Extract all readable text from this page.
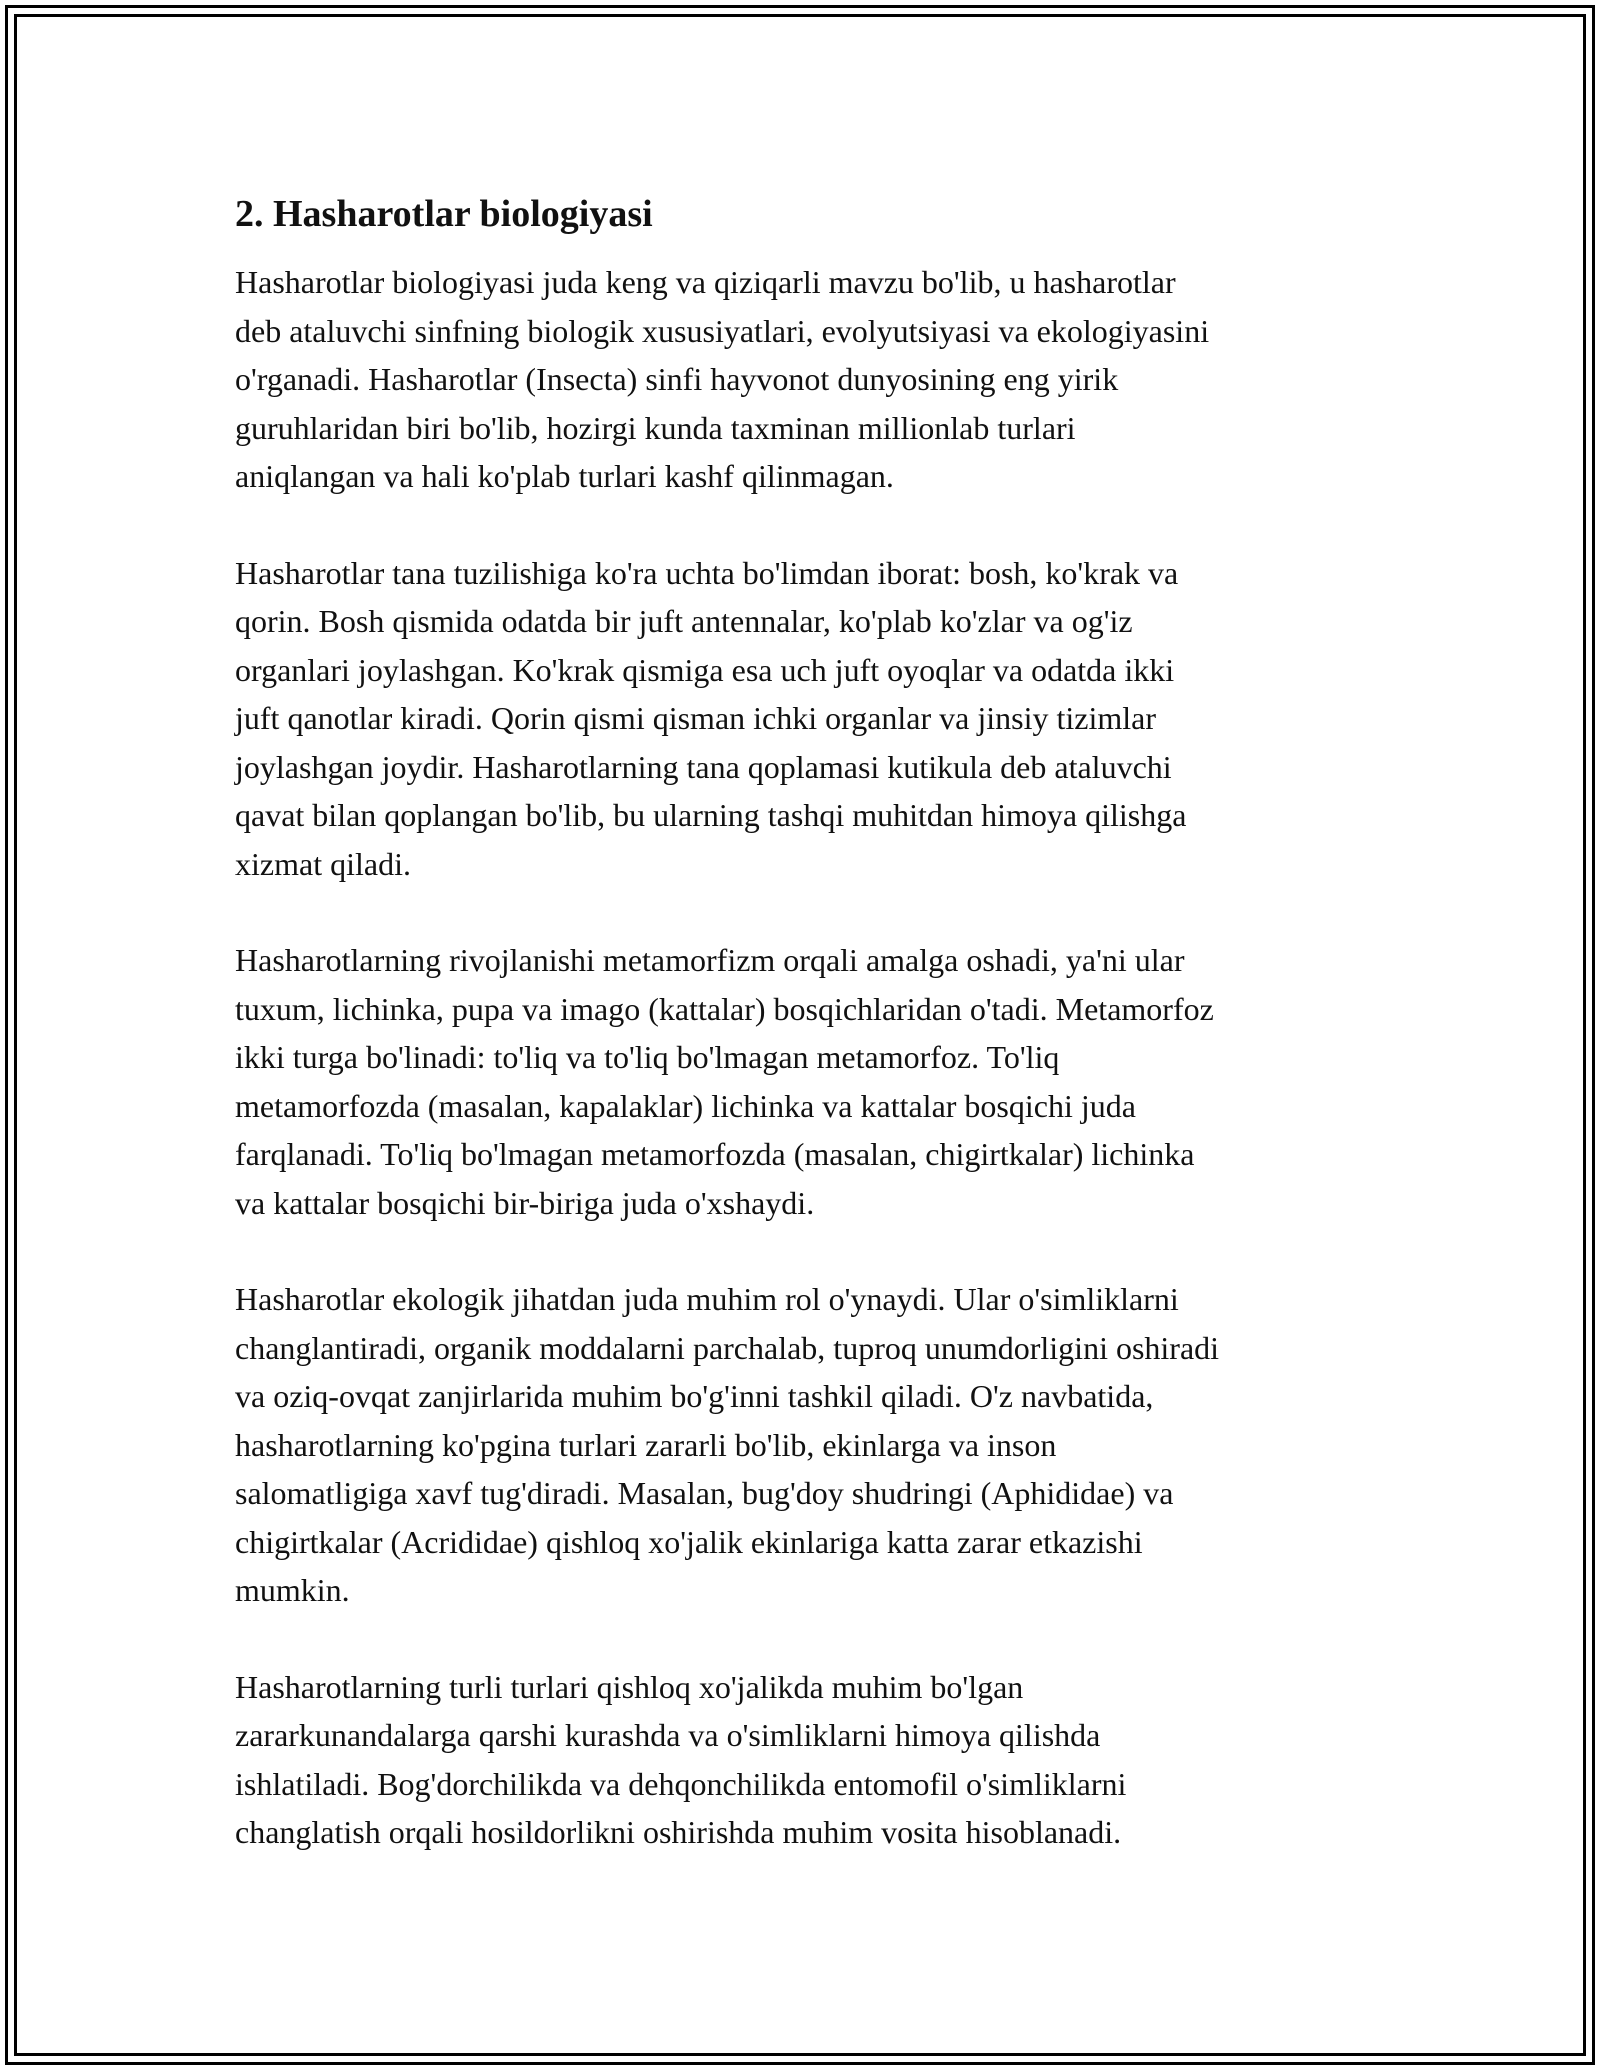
2. Hasharotlar biologiyasi

Hasharotlar biologiyasi juda keng va qiziqarli mavzu bo'lib, u hasharotlar
deb ataluvchi sinfning biologik xususiyatlari, evolyutsiyasi va ekologiyasini
o'rganadi. Hasharotlar (Insecta) sinfi hayvonot dunyosining eng yirik
guruhlaridan biri bo'lib, hozirgi kunda taxminan millionlab turlari
aniqlangan va hali ko'plab turlari kashf qilinmagan.

Hasharotlar tana tuzilishiga ko'ra uchta bo'limdan iborat: bosh, ko'krak va
qorin. Bosh qismida odatda bir juft antennalar, ko'plab ko'zlar va og'iz
organlari joylashgan. Ko'krak qismiga esa uch juft oyoqlar va odatda ikki
juft qanotlar kiradi. Qorin qismi qisman ichki organlar va jinsiy tizimlar
joylashgan joydir. Hasharotlarning tana qoplamasi kutikula deb ataluvchi
qavat bilan qoplangan bo'lib, bu ularning tashqi muhitdan himoya qilishga
xizmat qiladi.

Hasharotlarning rivojlanishi metamorfizm orqali amalga oshadi, ya'ni ular
tuxum, lichinka, pupa va imago (kattalar) bosqichlaridan o'tadi. Metamorfoz
ikki turga bo'linadi: to'liq va to'liq bo'lmagan metamorfoz. To'liq
metamorfozda (masalan, kapalaklar) lichinka va kattalar bosqichi juda
farqlanadi. To'liq bo'lmagan metamorfozda (masalan, chigirtkalar) lichinka
va kattalar bosqichi bir-biriga juda o'xshaydi.

Hasharotlar ekologik jihatdan juda muhim rol o'ynaydi. Ular o'simliklarni
changlantiradi, organik moddalarni parchalab, tuproq unumdorligini oshiradi
va oziq-ovqat zanjirlarida muhim bo'g'inni tashkil qiladi. O'z navbatida,
hasharotlarning ko'pgina turlari zararli bo'lib, ekinlarga va inson
salomatligiga xavf tug'diradi. Masalan, bug'doy shudringi (Aphididae) va
chigirtkalar (Acrididae) qishloq xo'jalik ekinlariga katta zarar etkazishi
mumkin.

Hasharotlarning turli turlari qishloq xo'jalikda muhim bo'lgan
zararkunandalarga qarshi kurashda va o'simliklarni himoya qilishda
ishlatiladi. Bog'dorchilikda va dehqonchilikda entomofil o'simliklarni
changlatish orqali hosildorlikni oshirishda muhim vosita hisoblanadi.
